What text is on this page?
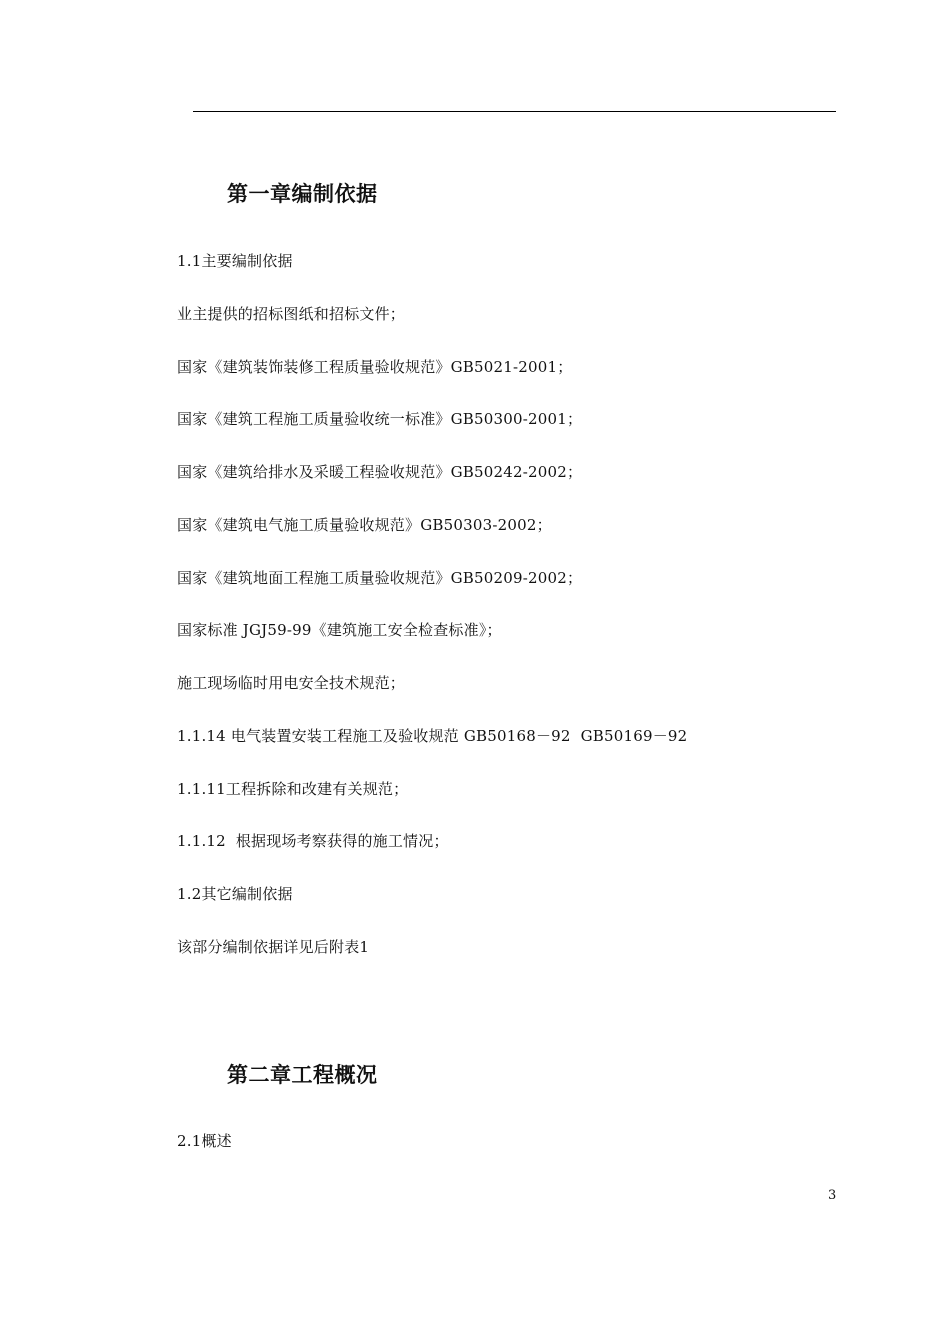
第一章编制依据
1.1主要编制依据
业主提供的招标图纸和招标文件；
国家《建筑装饰装修工程质量验收规范》GB5021-2001；
国家《建筑工程施工质量验收统一标准》GB50300-2001；
国家《建筑给排水及采暖工程验收规范》GB50242-2002；
国家《建筑电气施工质量验收规范》GB50303-2002；
国家《建筑地面工程施工质量验收规范》GB50209-2002；
国家标准 JGJ59-99《建筑施工安全检查标准》；
施工现场临时用电安全技术规范；
1.1.14 电气装置安装工程施工及验收规范 GB50168－92  GB50169－92
1.1.11工程拆除和改建有关规范；
1.1.12  根据现场考察获得的施工情况；
1.2其它编制依据
该部分编制依据详见后附表1
第二章工程概况
2.1概述
3
